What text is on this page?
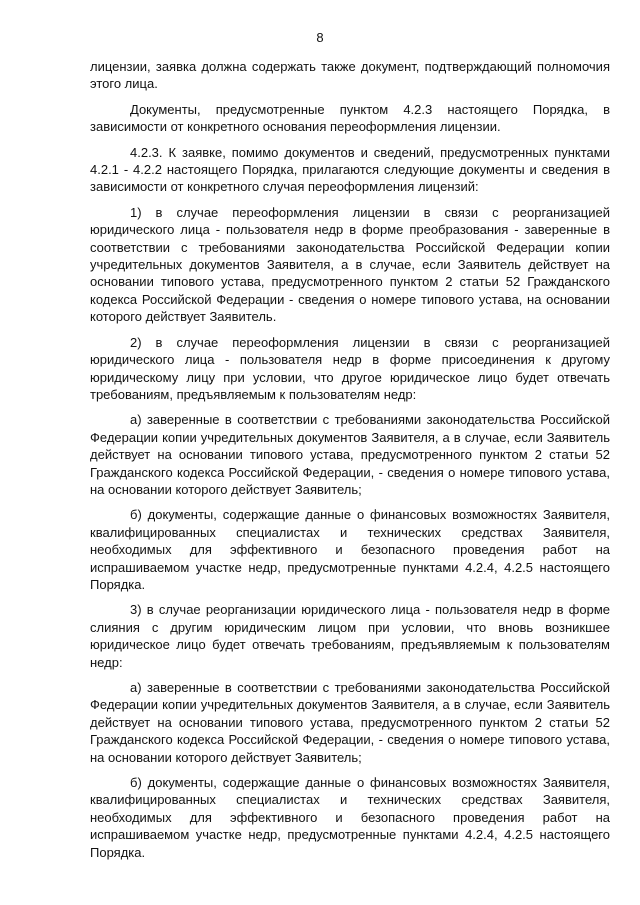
8

лицензии, заявка должна содержать также документ, подтверждающий полномочия этого лица.

Документы, предусмотренные пунктом 4.2.3 настоящего Порядка, в зависимости от конкретного основания переоформления лицензии.

4.2.3. К заявке, помимо документов и сведений, предусмотренных пунктами 4.2.1 - 4.2.2 настоящего Порядка, прилагаются следующие документы и сведения в зависимости от конкретного случая переоформления лицензий:

1) в случае переоформления лицензии в связи с реорганизацией юридического лица - пользователя недр в форме преобразования - заверенные в соответствии с требованиями законодательства Российской Федерации копии учредительных документов Заявителя, а в случае, если Заявитель действует на основании типового устава, предусмотренного пунктом 2 статьи 52 Гражданского кодекса Российской Федерации - сведения о номере типового устава, на основании которого действует Заявитель.

2) в случае переоформления лицензии в связи с реорганизацией юридического лица - пользователя недр в форме присоединения к другому юридическому лицу при условии, что другое юридическое лицо будет отвечать требованиям, предъявляемым к пользователям недр:

а) заверенные в соответствии с требованиями законодательства Российской Федерации копии учредительных документов Заявителя, а в случае, если Заявитель действует на основании типового устава, предусмотренного пунктом 2 статьи 52 Гражданского кодекса Российской Федерации, - сведения о номере типового устава, на основании которого действует Заявитель;

б) документы, содержащие данные о финансовых возможностях Заявителя, квалифицированных специалистах и технических средствах Заявителя, необходимых для эффективного и безопасного проведения работ на испрашиваемом участке недр, предусмотренные пунктами 4.2.4, 4.2.5 настоящего Порядка.

3) в случае реорганизации юридического лица - пользователя недр в форме слияния с другим юридическим лицом при условии, что вновь возникшее юридическое лицо будет отвечать требованиям, предъявляемым к пользователям недр:

а) заверенные в соответствии с требованиями законодательства Российской Федерации копии учредительных документов Заявителя, а в случае, если Заявитель действует на основании типового устава, предусмотренного пунктом 2 статьи 52 Гражданского кодекса Российской Федерации, - сведения о номере типового устава, на основании которого действует Заявитель;

б) документы, содержащие данные о финансовых возможностях Заявителя, квалифицированных специалистах и технических средствах Заявителя, необходимых для эффективного и безопасного проведения работ на испрашиваемом участке недр, предусмотренные пунктами 4.2.4, 4.2.5 настоящего Порядка.
